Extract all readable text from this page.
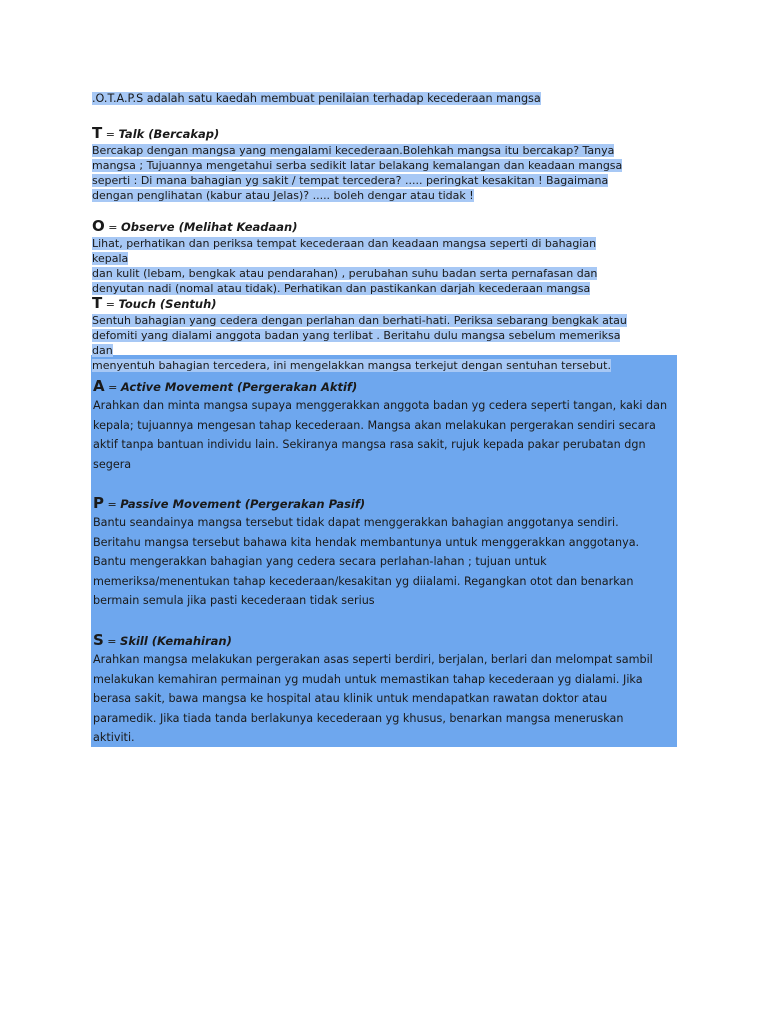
.O.T.A.P.S adalah satu kaedah membuat penilaian terhadap kecederaan mangsa
T = Talk (Bercakap)
Bercakap dengan mangsa yang mengalami kecederaan.Bolehkah mangsa itu bercakap? Tanya
mangsa ; Tujuannya mengetahui serba sedikit latar belakang kemalangan dan keadaan mangsa
seperti : Di mana bahagian yg sakit / tempat tercedera? ..... peringkat kesakitan ! Bagaimana
dengan penglihatan (kabur atau Jelas)? ..... boleh dengar atau tidak !
O = Observe (Melihat Keadaan)
Lihat, perhatikan dan periksa tempat kecederaan dan keadaan mangsa seperti di bahagian kepala
dan kulit (lebam, bengkak atau pendarahan) , perubahan suhu badan serta pernafasan dan
denyutan nadi (nomal atau tidak). Perhatikan dan pastikankan darjah kecederaan mangsa
T = Touch (Sentuh)
Sentuh bahagian yang cedera dengan perlahan dan berhati-hati. Periksa sebarang bengkak atau
defomiti yang dialami anggota badan yang terlibat . Beritahu dulu mangsa sebelum memeriksa dan
menyentuh bahagian tercedera, ini mengelakkan mangsa terkejut dengan sentuhan tersebut.
A = Active Movement (Pergerakan Aktif)
Arahkan dan minta mangsa supaya menggerakkan anggota badan yg cedera seperti tangan, kaki dan
kepala; tujuannya mengesan tahap kecederaan. Mangsa akan melakukan pergerakan sendiri secara
aktif tanpa bantuan individu lain. Sekiranya mangsa rasa sakit, rujuk kepada pakar perubatan dgn
segera
P = Passive Movement (Pergerakan Pasif)
Bantu seandainya mangsa tersebut tidak dapat menggerakkan bahagian anggotanya sendiri.
Beritahu mangsa tersebut bahawa kita hendak membantunya untuk menggerakkan anggotanya.
Bantu mengerakkan bahagian yang cedera secara perlahan-lahan ; tujuan untuk
memeriksa/menentukan tahap kecederaan/kesakitan yg diialami. Regangkan otot dan benarkan
bermain semula jika pasti kecederaan tidak serius
S = Skill (Kemahiran)
Arahkan mangsa melakukan pergerakan asas seperti berdiri, berjalan, berlari dan melompat sambil
melakukan kemahiran permainan yg mudah untuk memastikan tahap kecederaan yg dialami. Jika
berasa sakit, bawa mangsa ke hospital atau klinik untuk mendapatkan rawatan doktor atau
paramedik. Jika tiada tanda berlakunya kecederaan yg khusus, benarkan mangsa meneruskan
aktiviti.
